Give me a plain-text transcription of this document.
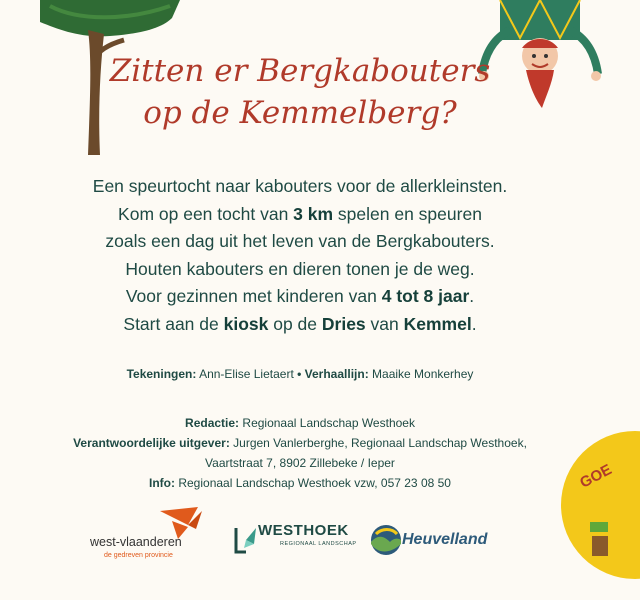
Zitten er Bergkabouters
op de Kemmelberg?
Een speurtocht naar kabouters voor de allerkleinsten.
Kom op een tocht van 3 km spelen en speuren
zoals een dag uit het leven van de Bergkabouters.
Houten kabouters en dieren tonen je de weg.
Voor gezinnen met kinderen van 4 tot 8 jaar.
Start aan de kiosk op de Dries van Kemmel.
Tekeningen: Ann-Elise Lietaert • Verhaallijn: Maaike Monkerhey
Redactie: Regionaal Landschap Westhoek
Verantwoordelijke uitgever: Jurgen Vanlerberghe, Regionaal Landschap Westhoek,
Vaartstraat 7, 8902 Zillebeke / Ieper
Info: Regionaal Landschap Westhoek vzw, 057 23 08 50
west-vlaanderen
de gedreven provincie
WESTHOEK
REGIONAAL LANDSCHAP	Heuvelland
GOE
